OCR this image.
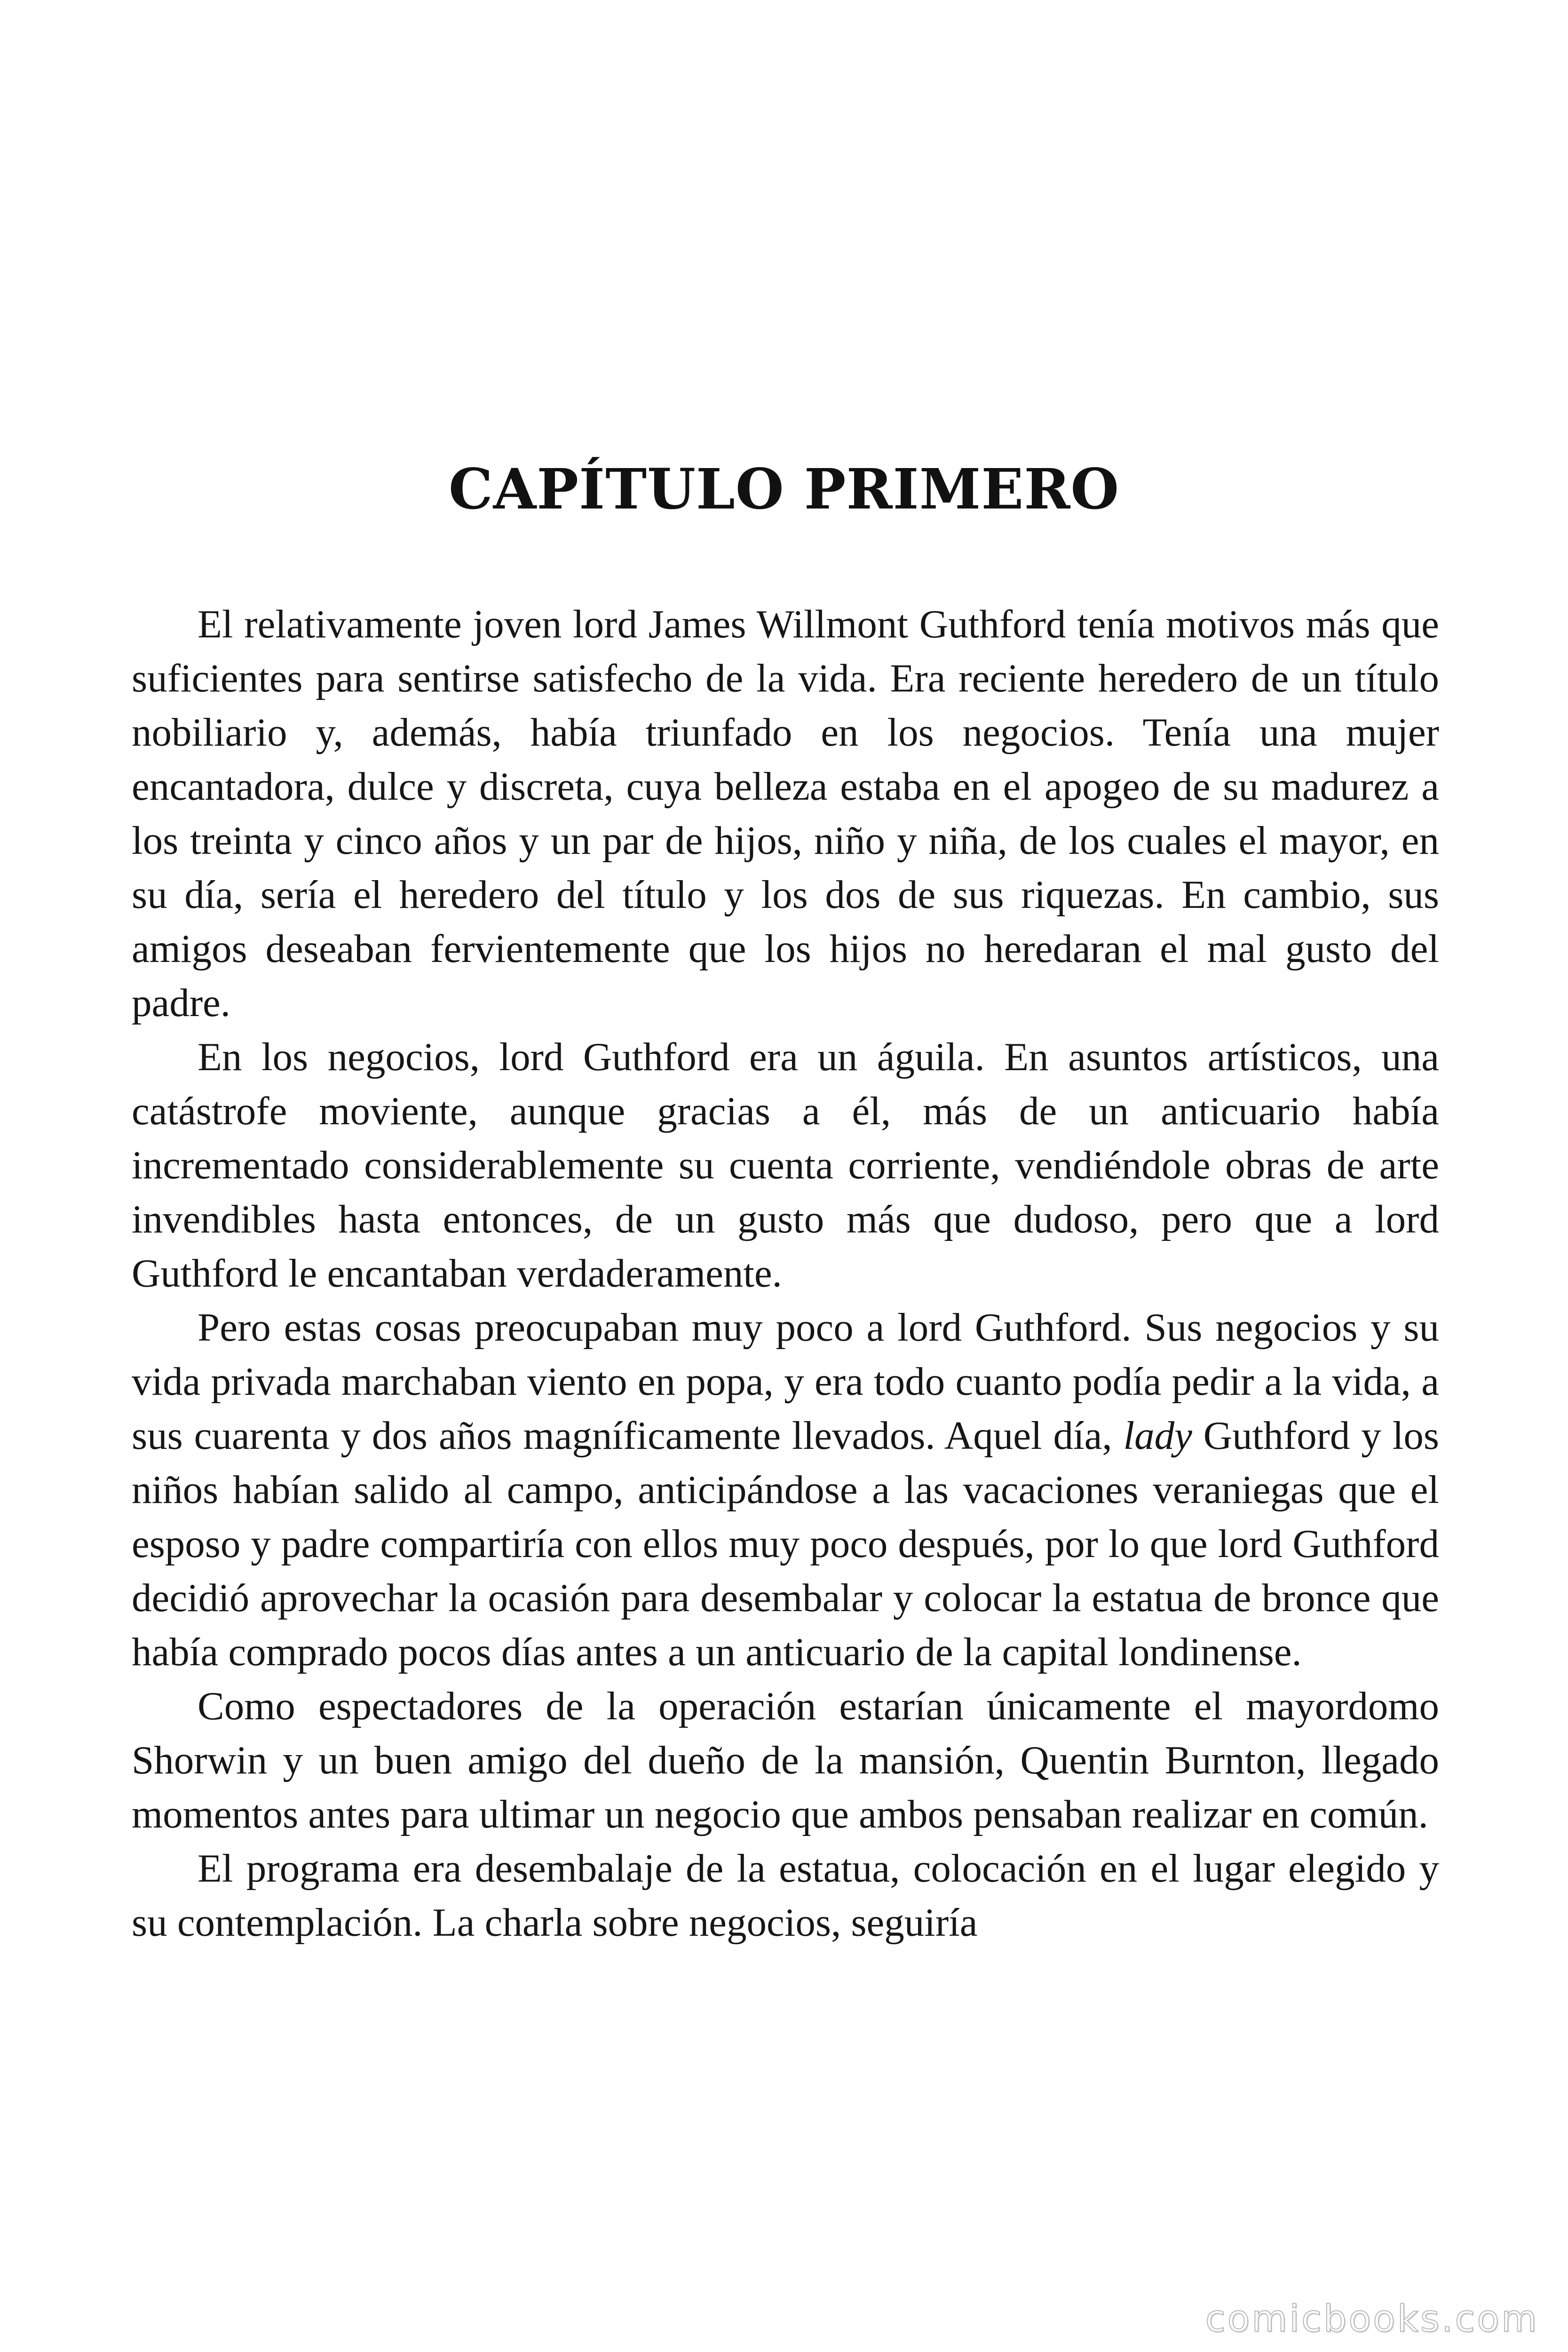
CAPÍTULO PRIMERO

El relativamente joven lord James Willmont Guthford tenía motivos más que suficientes para sentirse satisfecho de la vida. Era reciente heredero de un título nobiliario y, además, había triunfado en los negocios. Tenía una mujer encantadora, dulce y discreta, cuya belleza estaba en el apogeo de su madurez a los treinta y cinco años y un par de hijos, niño y niña, de los cuales el mayor, en su día, sería el heredero del título y los dos de sus riquezas. En cambio, sus amigos deseaban fervientemente que los hijos no heredaran el mal gusto del padre.

En los negocios, lord Guthford era un águila. En asuntos artísticos, una catástrofe moviente, aunque gracias a él, más de un anticuario había incrementado considerablemente su cuenta corriente, vendiéndole obras de arte invendibles hasta entonces, de un gusto más que dudoso, pero que a lord Guthford le encantaban verdaderamente.

Pero estas cosas preocupaban muy poco a lord Guthford. Sus negocios y su vida privada marchaban viento en popa, y era todo cuanto podía pedir a la vida, a sus cuarenta y dos años magníficamente llevados. Aquel día, lady Guthford y los niños habían salido al campo, anticipándose a las vacaciones veraniegas que el esposo y padre compartiría con ellos muy poco después, por lo que lord Guthford decidió aprovechar la ocasión para desembalar y colocar la estatua de bronce que había comprado pocos días antes a un anticuario de la capital londinense.

Como espectadores de la operación estarían únicamente el mayordomo Shorwin y un buen amigo del dueño de la mansión, Quentin Burnton, llegado momentos antes para ultimar un negocio que ambos pensaban realizar en común.

El programa era desembalaje de la estatua, colocación en el lugar elegido y su contemplación. La charla sobre negocios, seguiría

comicbooks.com
